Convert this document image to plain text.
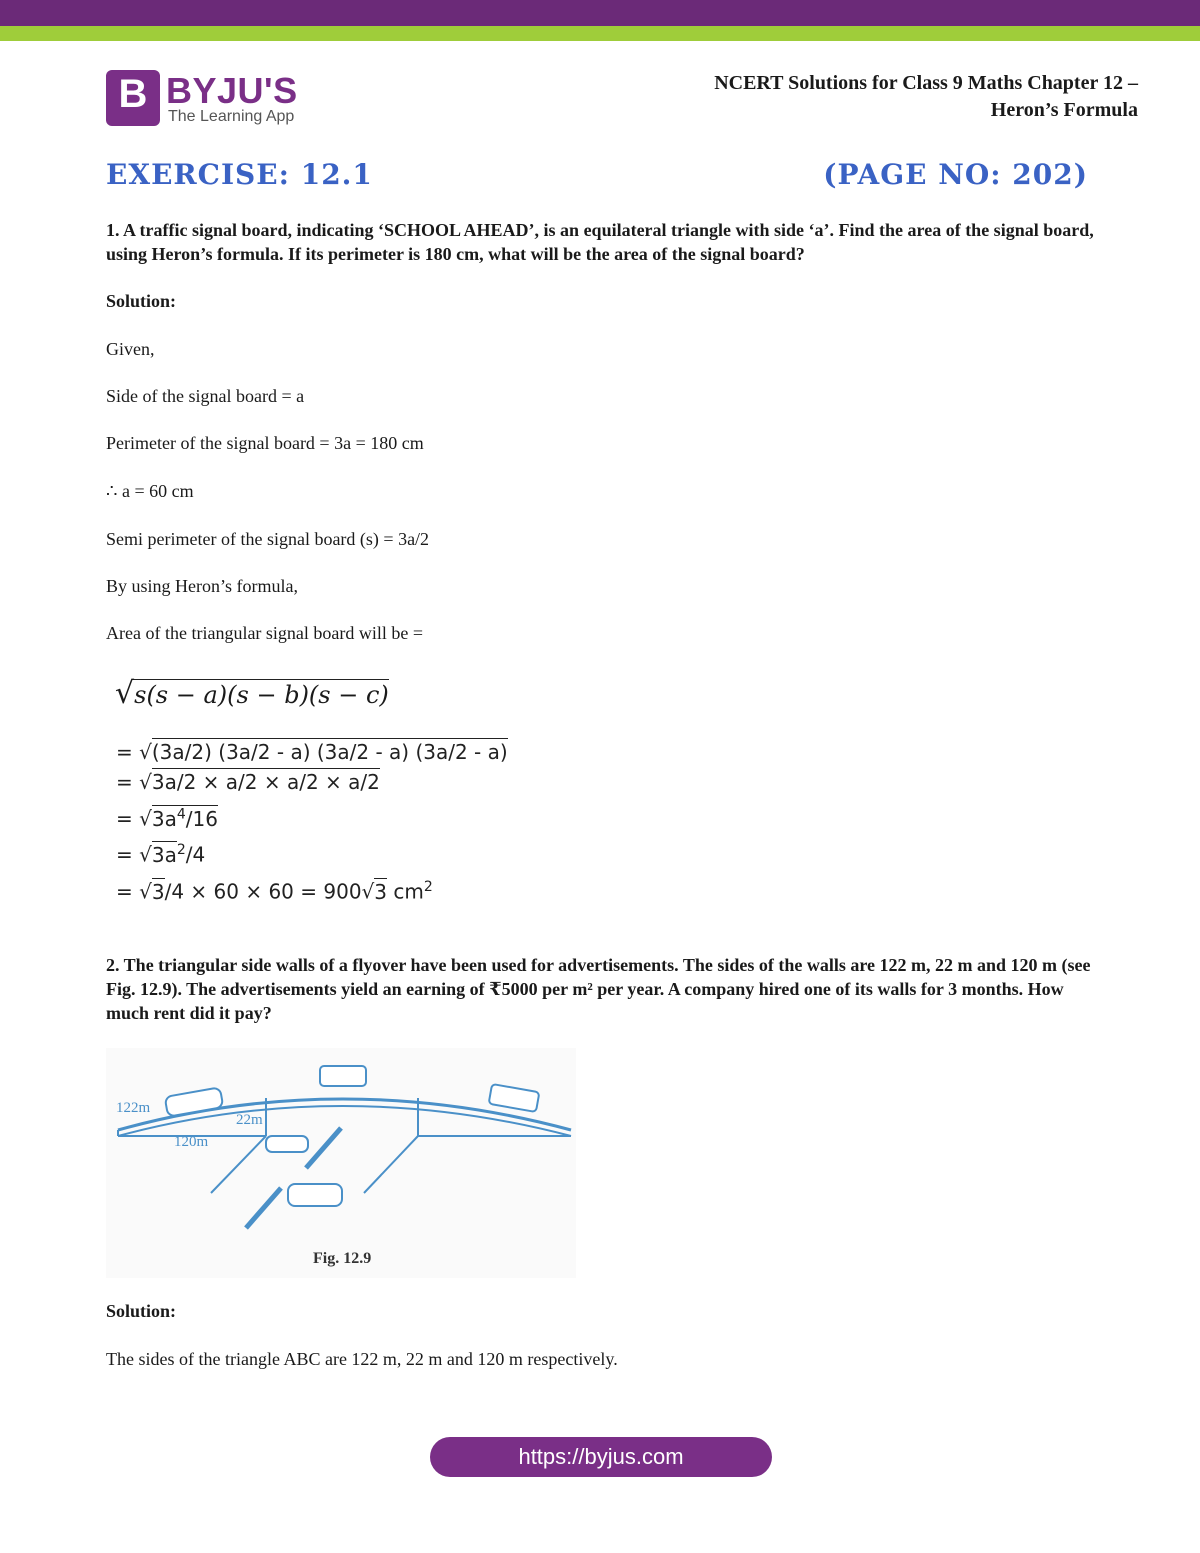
B BYJU'S
The Learning App
NCERT Solutions for Class 9 Maths Chapter 12 –
Heron’s Formula
EXERCISE: 12.1	(PAGE NO: 202)
1. A traffic signal board, indicating ‘SCHOOL AHEAD’, is an equilateral triangle with side ‘a’. Find the area of the signal board, using Heron’s formula. If its perimeter is 180 cm, what will be the area of the signal board?
Solution:
Given,
Side of the signal board = a
Perimeter of the signal board = 3a = 180 cm
∴ a = 60 cm
Semi perimeter of the signal board (s) = 3a/2
By using Heron’s formula,
Area of the triangular signal board will be =
√s(s − a)(s − b)(s − c)
= √(3a/2) (3a/2 - a) (3a/2 - a) (3a/2 - a)
= √3a/2 × a/2 × a/2 × a/2
= $√3a^4/16$
= $√3a^2/4$
= √3/4 × 60 × 60 = 900√3 $cm^2$
2. The triangular side walls of a flyover have been used for advertisements. The sides of the walls are 122 m, 22 m and 120 m (see Fig. 12.9). The advertisements yield an earning of ₹5000 per m² per year. A company hired one of its walls for 3 months. How much rent did it pay?
122m
22m
120m
Fig. 12.9
Solution:
The sides of the triangle ABC are 122 m, 22 m and 120 m respectively.
https://byjus.com
